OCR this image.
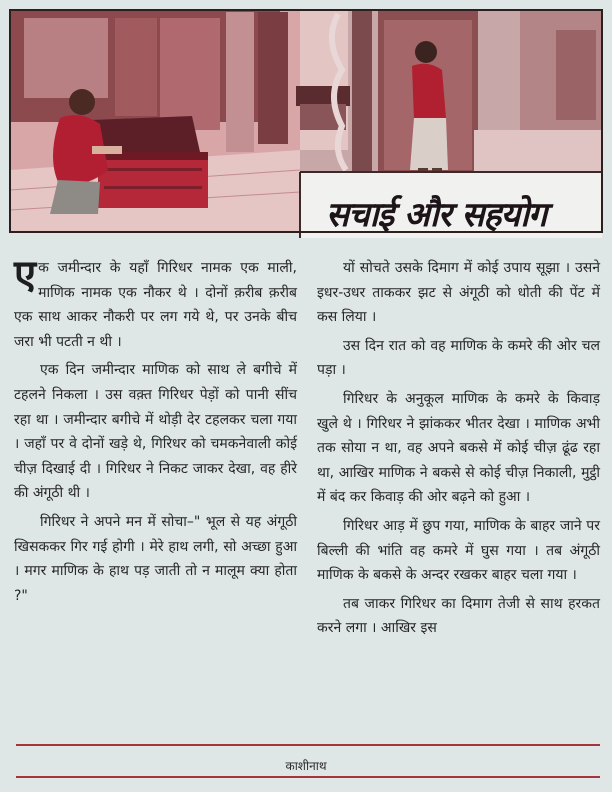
सचाई और सहयोग

एक जमीन्दार के यहाँ गिरिधर नामक एक माली, माणिक नामक एक नौकर थे । दोनों क़रीब क़रीब एक साथ आकर नौकरी पर लग गये थे, पर उनके बीच जरा भी पटती न थी ।

एक दिन जमीन्दार माणिक को साथ ले बगीचे में टहलने निकला । उस वक़्त गिरिधर पेड़ों को पानी सींच रहा था । जमीन्दार बगीचे में थोड़ी देर टहलकर चला गया । जहाँ पर वे दोनों खड़े थे, गिरिधर को चमकनेवाली कोई चीज़ दिखाई दी । गिरिधर ने निकट जाकर देखा, वह हीरे की अंगूठी थी ।

गिरिधर ने अपने मन में सोचा–" भूल से यह अंगूठी खिसककर गिर गई होगी । मेरे हाथ लगी, सो अच्छा हुआ । मगर माणिक के हाथ पड़ जाती तो न मालूम क्या होता ?"

यों सोचते उसके दिमाग में कोई उपाय सूझा । उसने इधर-उधर ताककर झट से अंगूठी को धोती की पेंट में कस लिया ।

उस दिन रात को वह माणिक के कमरे की ओर चल पड़ा ।

गिरिधर के अनुकूल माणिक के कमरे के किवाड़ खुले थे । गिरिधर ने झांककर भीतर देखा । माणिक अभी तक सोया न था, वह अपने बकसे में कोई चीज़ ढूंढ रहा था, आखिर माणिक ने बकसे से कोई चीज़ निकाली, मुट्ठी में बंद कर किवाड़ की ओर बढ़ने को हुआ ।

गिरिधर आड़ में छुप गया, माणिक के बाहर जाने पर बिल्ली की भांति वह कमरे में घुस गया । तब अंगूठी माणिक के बकसे के अन्दर रखकर बाहर चला गया ।

तब जाकर गिरिधर का दिमाग तेजी से साथ हरकत करने लगा । आखिर इस

काशीनाथ
